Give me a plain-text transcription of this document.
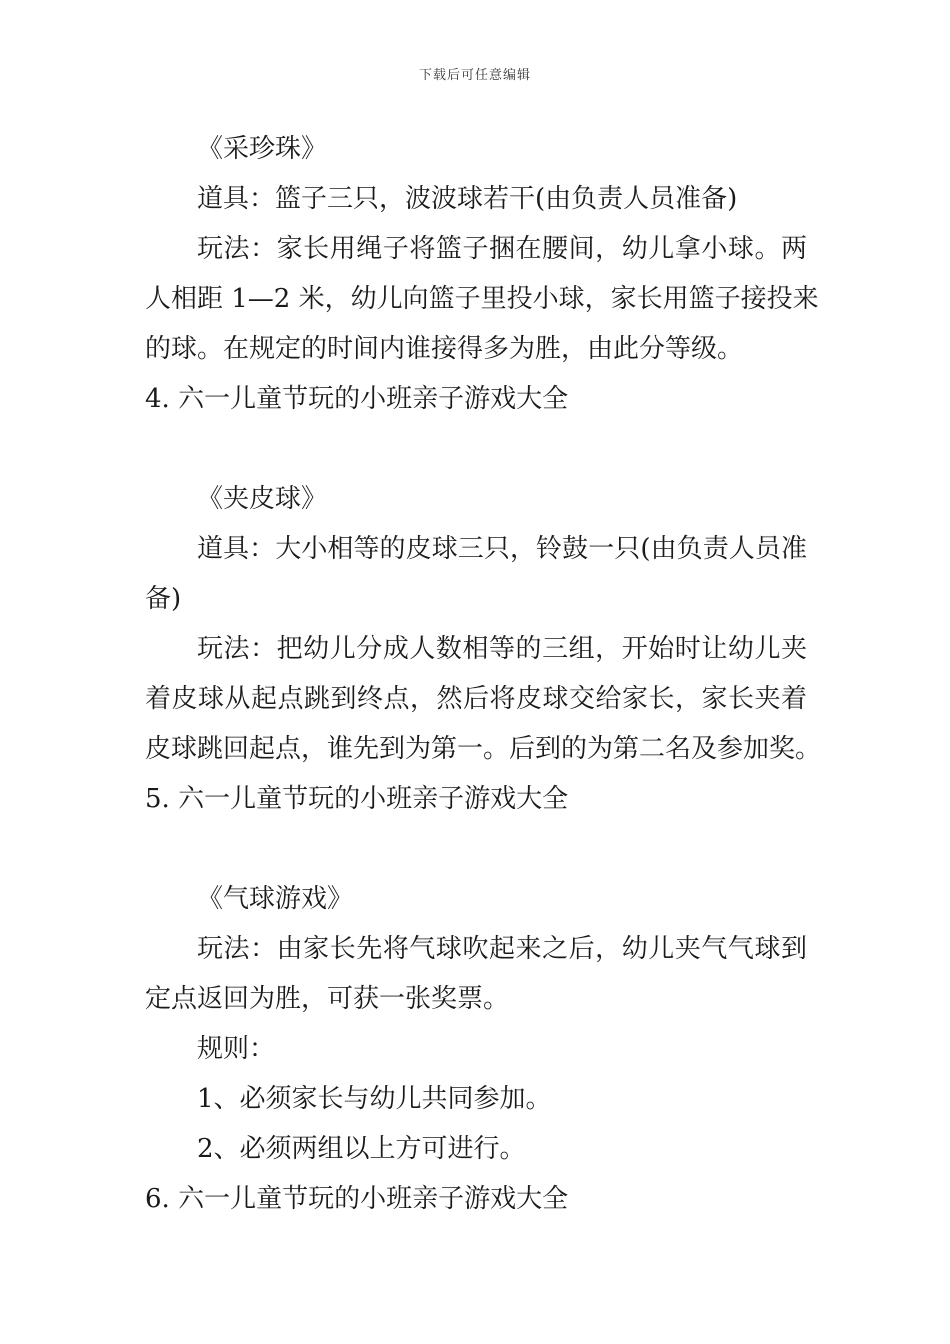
下载后可任意编辑
《采珍珠》
道具：篮子三只，波波球若干(由负责人员准备)
玩法：家长用绳子将篮子捆在腰间，幼儿拿小球。两
人相距 1—2 米，幼儿向篮子里投小球，家长用篮子接投来
的球。在规定的时间内谁接得多为胜，由此分等级。
4. 六一儿童节玩的小班亲子游戏大全
《夹皮球》
道具：大小相等的皮球三只，铃鼓一只(由负责人员准
备)
玩法：把幼儿分成人数相等的三组，开始时让幼儿夹
着皮球从起点跳到终点，然后将皮球交给家长，家长夹着
皮球跳回起点，谁先到为第一。后到的为第二名及参加奖。
5. 六一儿童节玩的小班亲子游戏大全
《气球游戏》
玩法：由家长先将气球吹起来之后，幼儿夹气气球到
定点返回为胜，可获一张奖票。
规则：
1、必须家长与幼儿共同参加。
2、必须两组以上方可进行。
6. 六一儿童节玩的小班亲子游戏大全
